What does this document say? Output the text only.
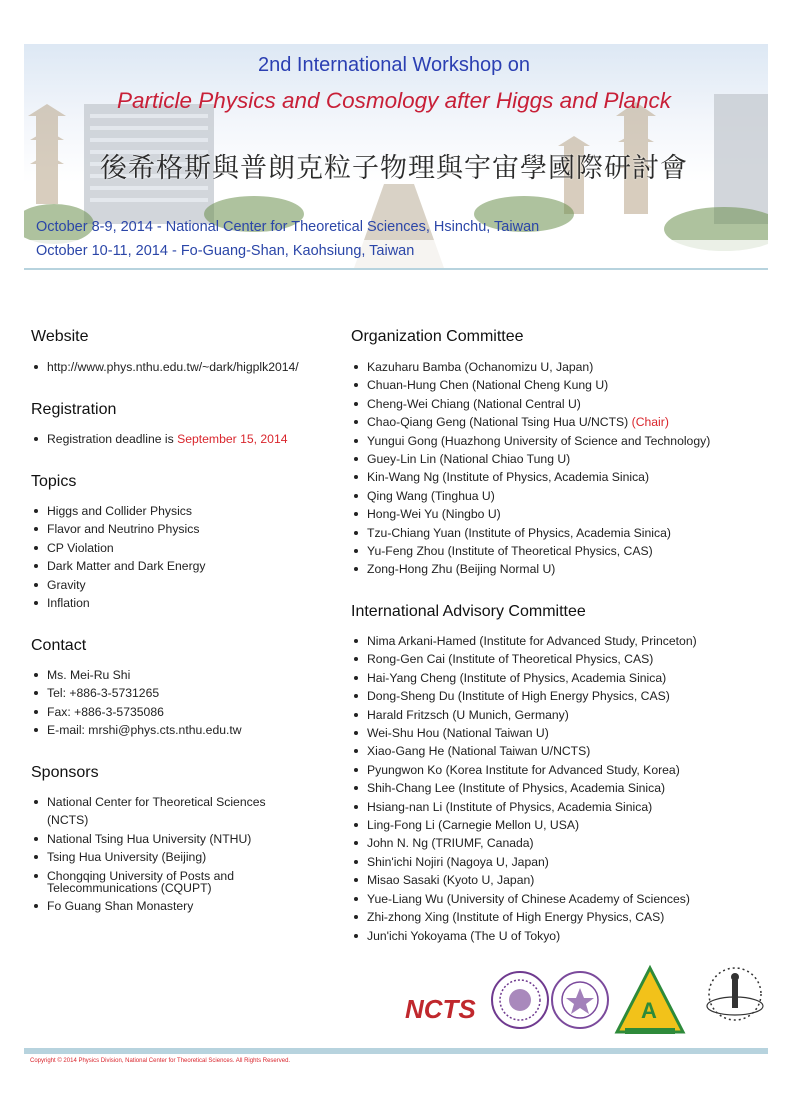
2nd International Workshop on
Particle Physics and Cosmology after Higgs and Planck
後希格斯與普朗克粒子物理與宇宙學國際研討會
October 8-9, 2014 - National Center for Theoretical Sciences, Hsinchu, Taiwan
October 10-11, 2014 - Fo-Guang-Shan, Kaohsiung, Taiwan
Website
http://www.phys.nthu.edu.tw/~dark/higplk2014/
Registration
Registration deadline is September 15, 2014
Topics
Higgs and Collider Physics
Flavor and Neutrino Physics
CP Violation
Dark Matter and Dark Energy
Gravity
Inflation
Contact
Ms. Mei-Ru Shi
Tel: +886-3-5731265
Fax: +886-3-5735086
E-mail: mrshi@phys.cts.nthu.edu.tw
Sponsors
National Center for Theoretical Sciences (NCTS)
National Tsing Hua University (NTHU)
Tsing Hua University (Beijing)
Chongqing University of Posts and Telecommunications (CQUPT)
Fo Guang Shan Monastery
Organization Committee
Kazuharu Bamba (Ochanomizu U, Japan)
Chuan-Hung Chen (National Cheng Kung U)
Cheng-Wei Chiang (National Central U)
Chao-Qiang Geng (National Tsing Hua U/NCTS) (Chair)
Yungui Gong (Huazhong University of Science and Technology)
Guey-Lin Lin (National Chiao Tung U)
Kin-Wang Ng (Institute of Physics, Academia Sinica)
Qing Wang (Tinghua U)
Hong-Wei Yu (Ningbo U)
Tzu-Chiang Yuan (Institute of Physics, Academia Sinica)
Yu-Feng Zhou (Institute of Theoretical Physics, CAS)
Zong-Hong Zhu (Beijing Normal U)
International Advisory Committee
Nima Arkani-Hamed (Institute for Advanced Study, Princeton)
Rong-Gen Cai (Institute of Theoretical Physics, CAS)
Hai-Yang Cheng (Institute of Physics, Academia Sinica)
Dong-Sheng Du (Institute of High Energy Physics, CAS)
Harald Fritzsch (U Munich, Germany)
Wei-Shu Hou (National Taiwan U)
Xiao-Gang He (National Taiwan U/NCTS)
Pyungwon Ko (Korea Institute for Advanced Study, Korea)
Shih-Chang Lee (Institute of Physics, Academia Sinica)
Hsiang-nan Li (Institute of Physics, Academia Sinica)
Ling-Fong Li (Carnegie Mellon U, USA)
John N. Ng (TRIUMF, Canada)
Shin'ichi Nojiri (Nagoya U, Japan)
Misao Sasaki (Kyoto U, Japan)
Yue-Liang Wu (University of Chinese Academy of Sciences)
Zhi-zhong Xing (Institute of High Energy Physics, CAS)
Jun'ichi Yokoyama (The U of Tokyo)
NCTS	A
Copyright © 2014 Physics Division, National Center for Theoretical Sciences. All Rights Reserved.
